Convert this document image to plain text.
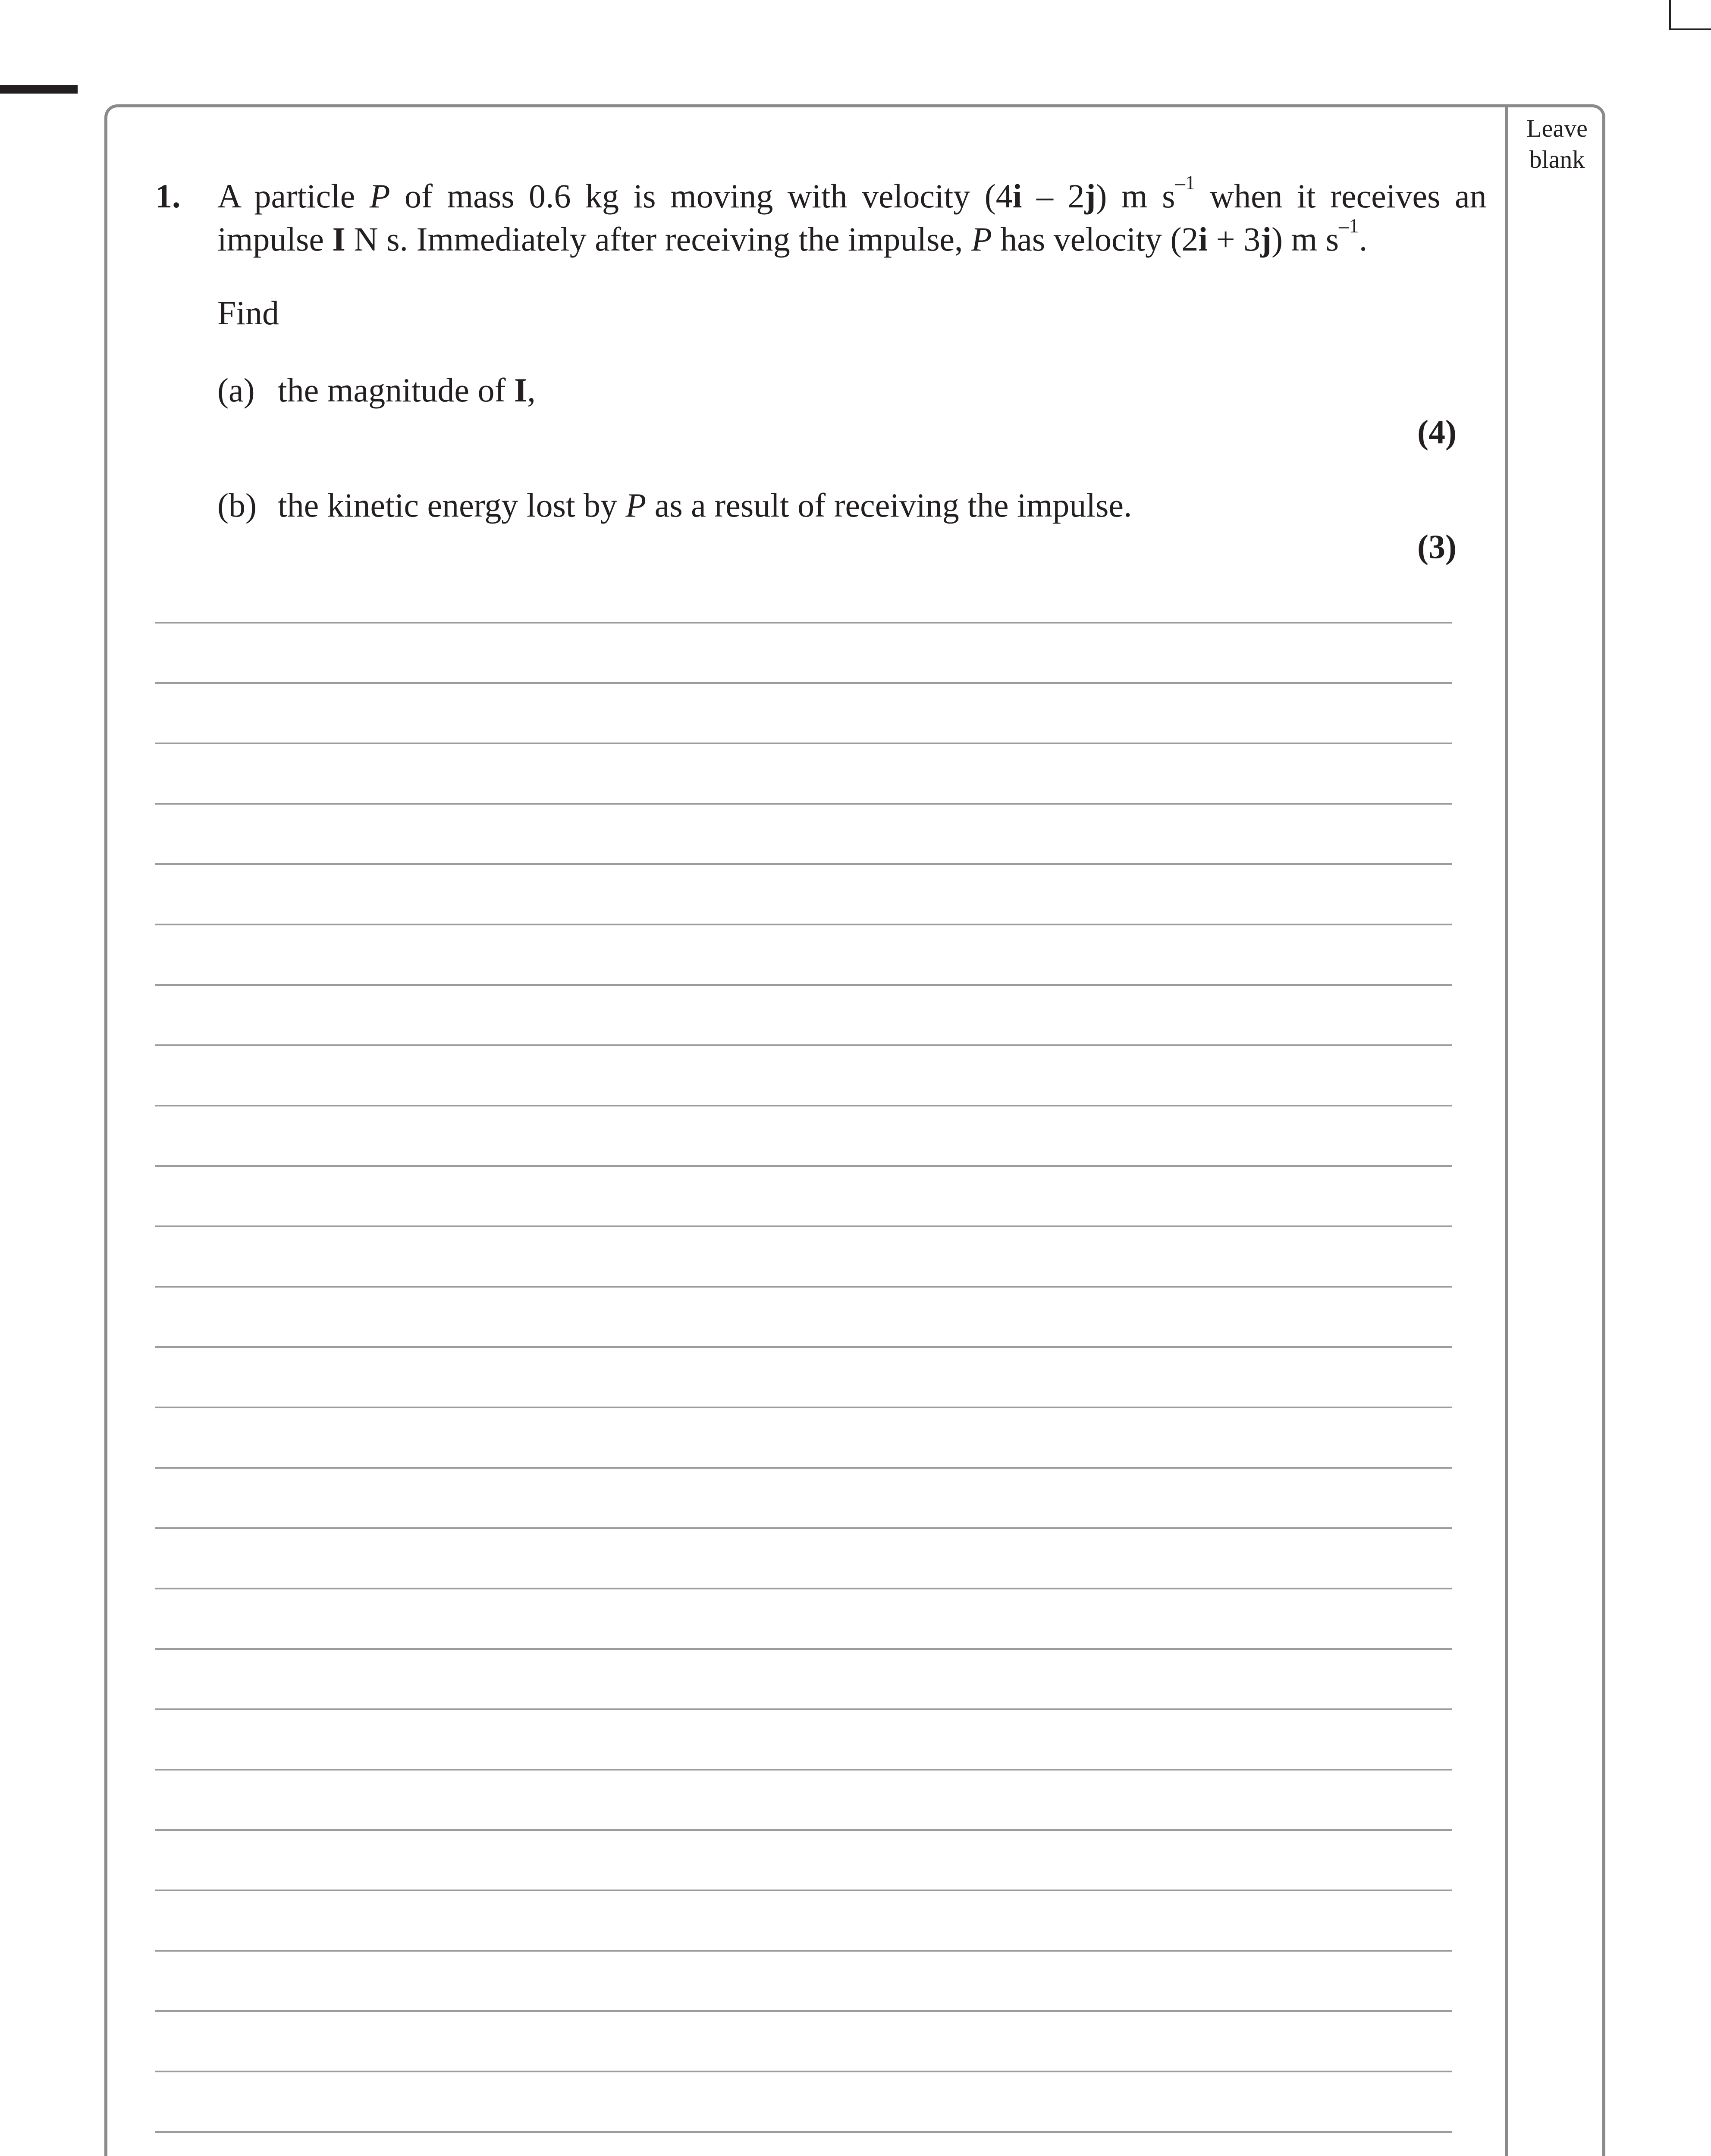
Leave
blank
1. A particle P of mass 0.6 kg is moving with velocity (4i – 2j) m $s^{-1}$ when it receives an
impulse I N s. Immediately after receiving the impulse, P has velocity (2i + 3j) m $s^{-1}$.
Find
(a) the magnitude of I,
(4)
(b) the kinetic energy lost by P as a result of receiving the impulse.
(3)
